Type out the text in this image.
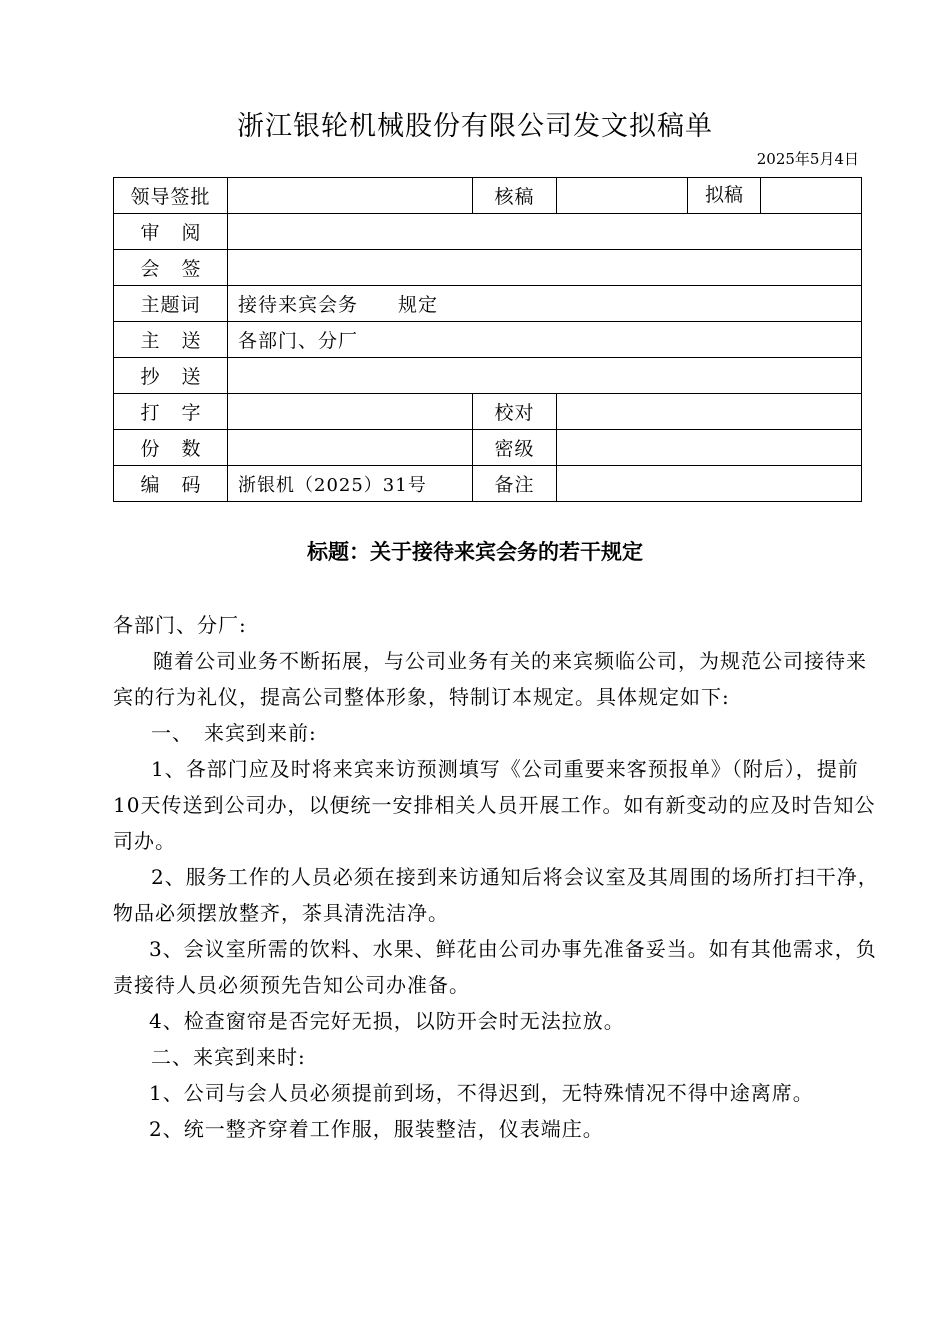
浙江银轮机械股份有限公司发文拟稿单
2025年5月4日
领导签批		核稿		拟稿

审阅				
会签				
主题词	接待来宾会务　　规定			
主送	各部门、分厂			
抄送				
打字		校对		
份数		密级		
编码	浙银机（2025）31号	备注		
标题：关于接待来宾会务的若干规定

各部门、分厂:

随着公司业务不断拓展，与公司业务有关的来宾频临公司，为规范公司接待来宾的行为礼仪，提高公司整体形象，特制订本规定。具体规定如下:

一、　来宾到来前:

1、各部门应及时将来宾来访预测填写《公司重要来客预报单》（附后），提前10天传送到公司办，以便统一安排相关人员开展工作。如有新变动的应及时告知公司办。

2、服务工作的人员必须在接到来访通知后将会议室及其周围的场所打扫干净，物品必须摆放整齐，茶具清洗洁净。

3、会议室所需的饮料、水果、鲜花由公司办事先准备妥当。如有其他需求，负责接待人员必须预先告知公司办准备。

4、检查窗帘是否完好无损，以防开会时无法拉放。

二、来宾到来时:

1、公司与会人员必须提前到场，不得迟到，无特殊情况不得中途离席。

2、统一整齐穿着工作服，服装整洁，仪表端庄。
